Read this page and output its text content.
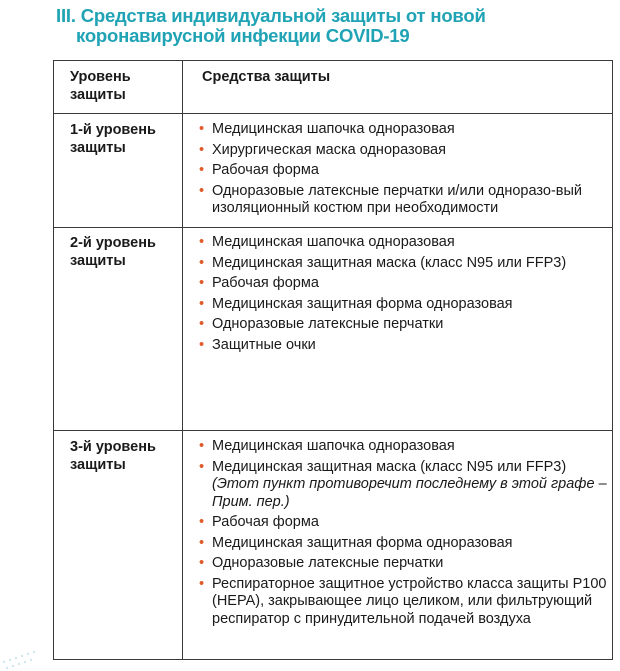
III. Средства индивидуальной защиты от новой
коронавирусной инфекции COVID-19
Уровень защиты
Средства защиты
1-й уровень защиты
• Медицинская шапочка одноразовая
• Хирургическая маска одноразовая
• Рабочая форма
• Одноразовые латексные перчатки и/или одноразо-вый изоляционный костюм при необходимости
2-й уровень защиты
• Медицинская шапочка одноразовая
• Медицинская защитная маска (класс N95 или FFP3)
• Рабочая форма
• Медицинская защитная форма одноразовая
• Одноразовые латексные перчатки
• Защитные очки
3-й уровень защиты
• Медицинская шапочка одноразовая
• Медицинская защитная маска (класс N95 или FFP3) (Этот пункт противоречит последнему в этой графе – Прим. пер.)
• Рабочая форма
• Медицинская защитная форма одноразовая
• Одноразовые латексные перчатки
• Респираторное защитное устройство класса защиты P100 (HEPA), закрывающее лицо целиком, или фильтрующий респиратор с принудительной подачей воздуха
